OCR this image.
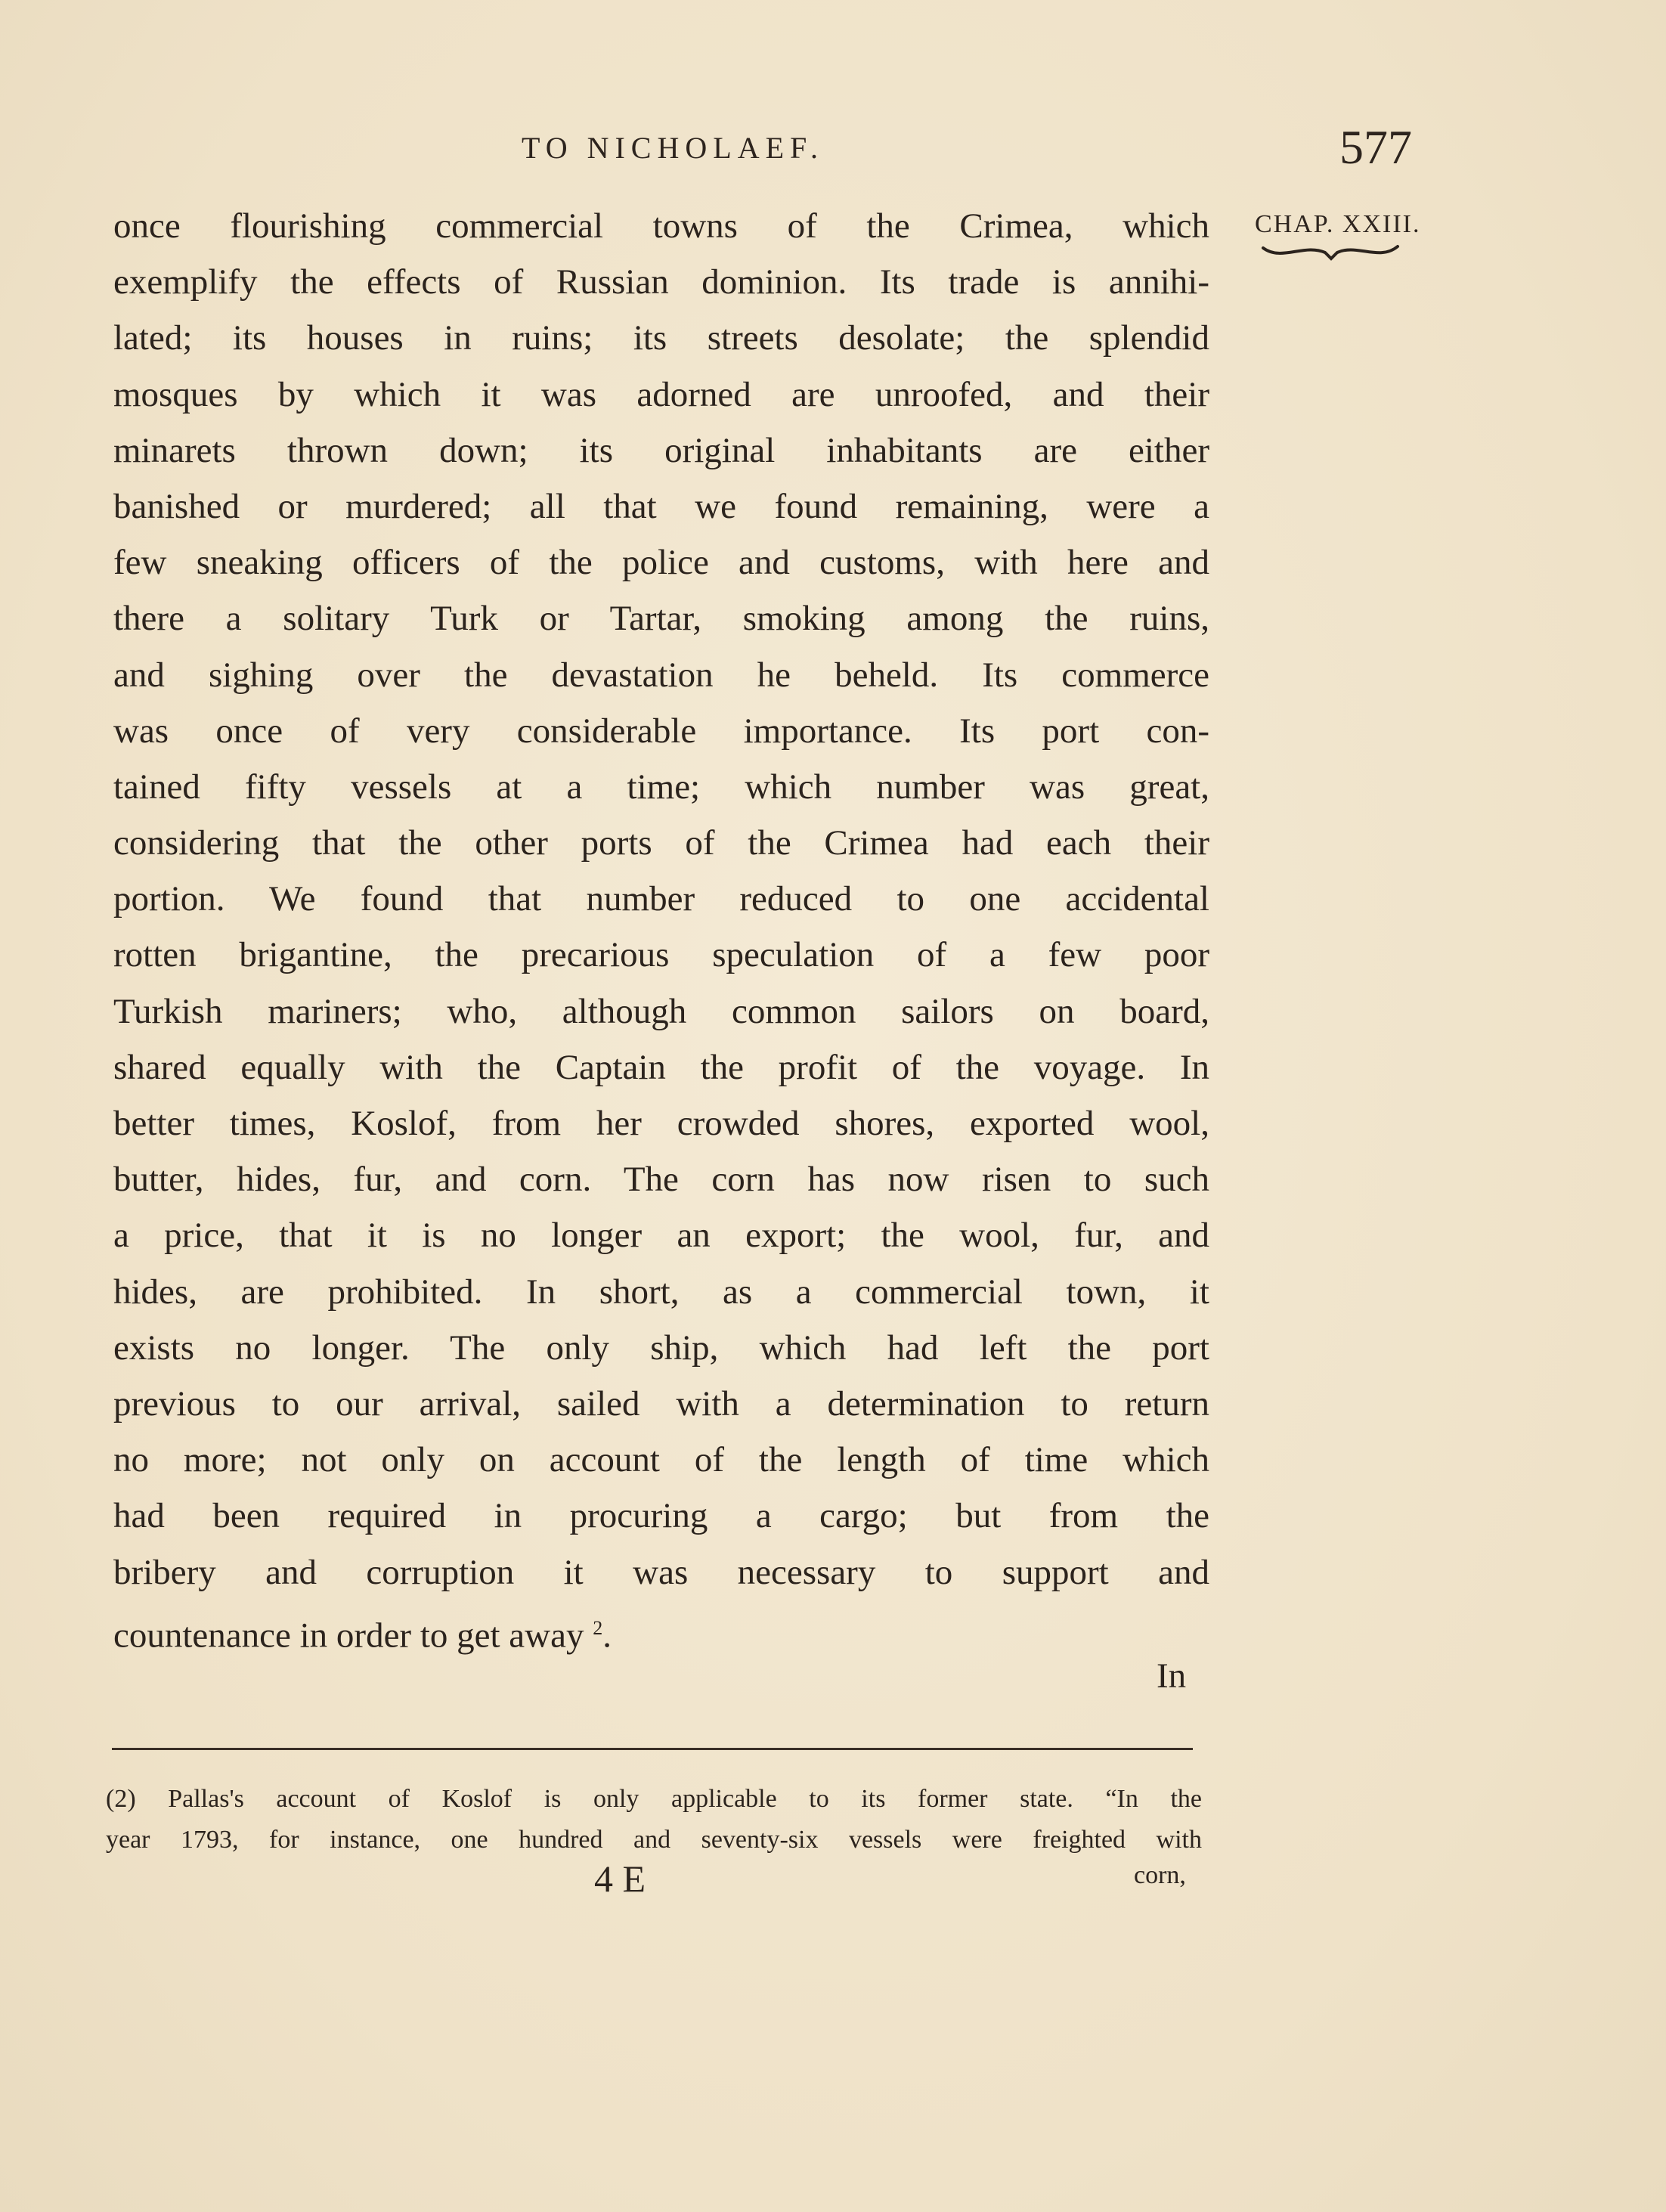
TO NICHOLAEF.	577
CHAP. XXIII.
once flourishing commercial towns of the Crimea, which
exemplify the effects of Russian dominion. Its trade is annihi-
lated; its houses in ruins; its streets desolate; the splendid
mosques by which it was adorned are unroofed, and their
minarets thrown down; its original inhabitants are either
banished or murdered; all that we found remaining, were a
few sneaking officers of the police and customs, with here and
there a solitary Turk or Tartar, smoking among the ruins,
and sighing over the devastation he beheld. Its commerce
was once of very considerable importance. Its port con-
tained fifty vessels at a time; which number was great,
considering that the other ports of the Crimea had each their
portion. We found that number reduced to one accidental
rotten brigantine, the precarious speculation of a few poor
Turkish mariners; who, although common sailors on board,
shared equally with the Captain the profit of the voyage. In
better times, Koslof, from her crowded shores, exported wool,
butter, hides, fur, and corn. The corn has now risen to such
a price, that it is no longer an export; the wool, fur, and
hides, are prohibited. In short, as a commercial town, it
exists no longer. The only ship, which had left the port
previous to our arrival, sailed with a determination to return
no more; not only on account of the length of time which
had been required in procuring a cargo; but from the
bribery and corruption it was necessary to support and
countenance in order to get away $^2$.
In
(2) Pallas's account of Koslof is only applicable to its former state. “In the
year 1793, for instance, one hundred and seventy-six vessels were freighted with
4 E	corn,
